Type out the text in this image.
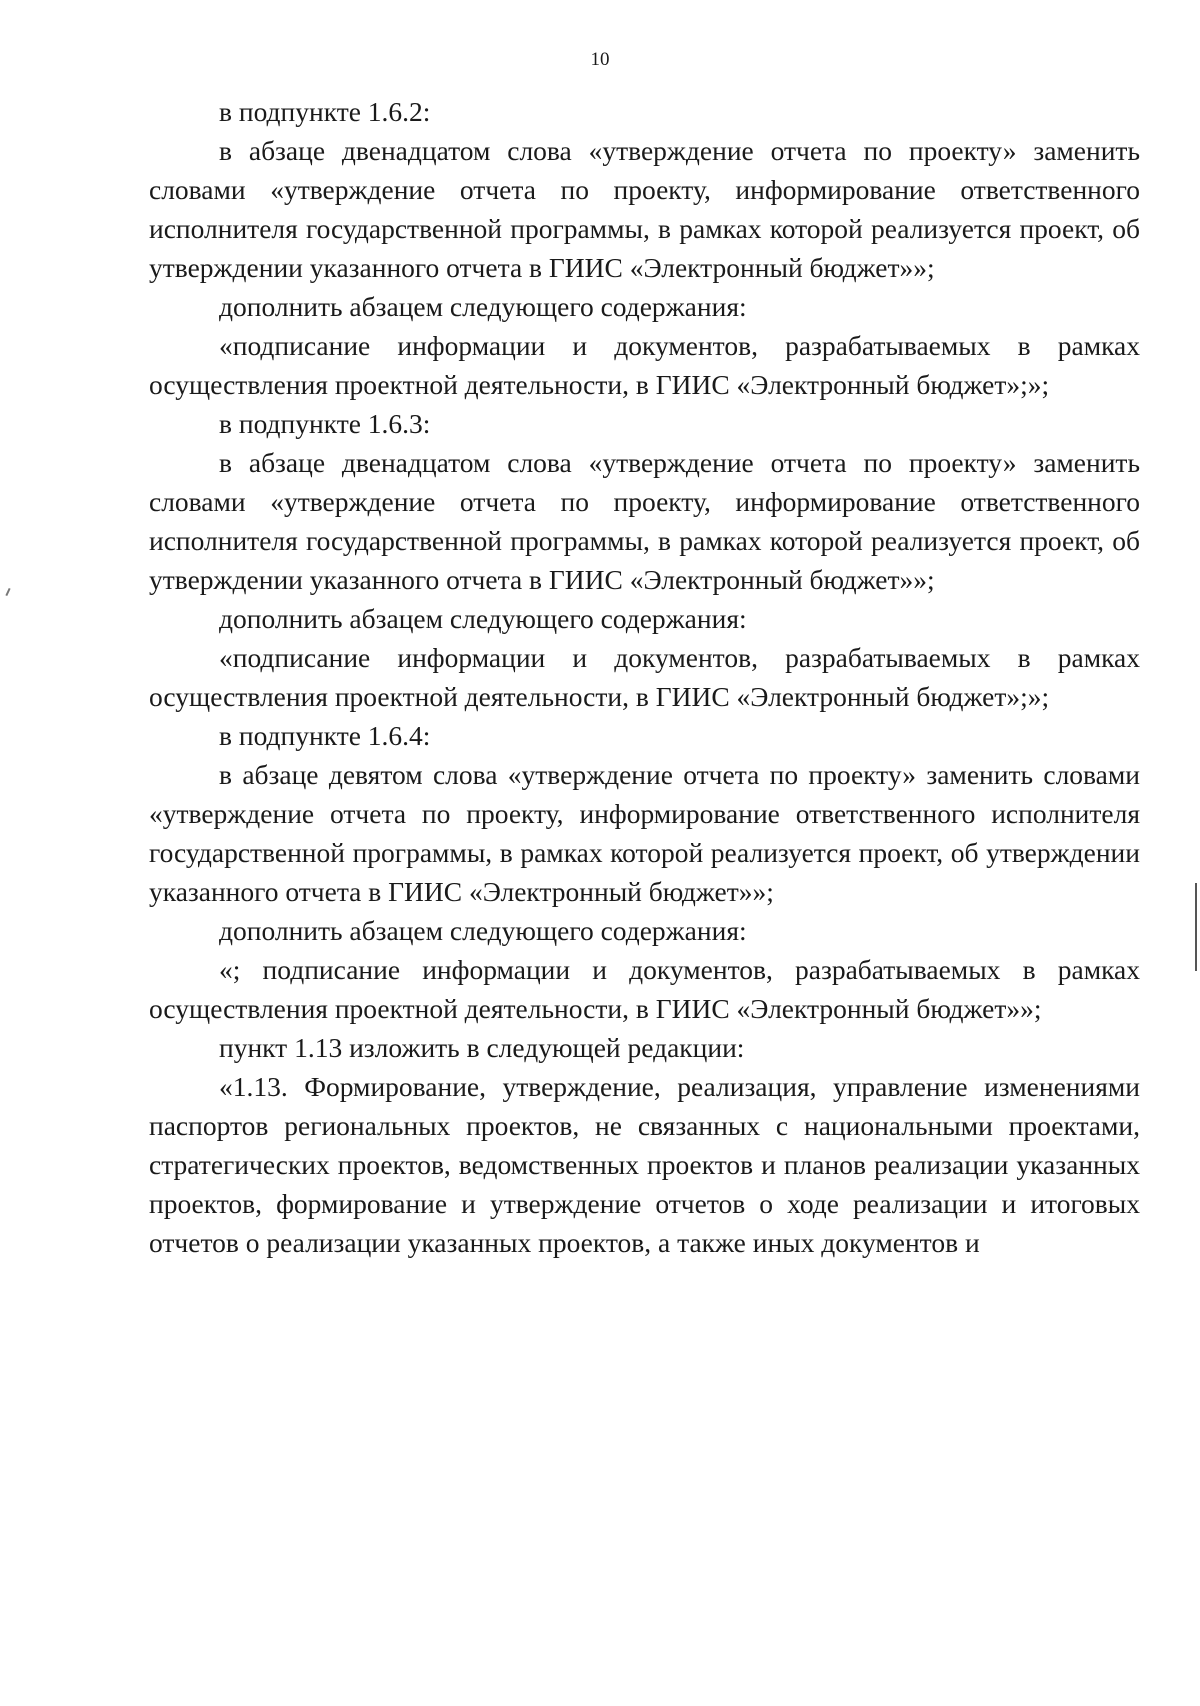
10

в подпункте 1.6.2:

в абзаце двенадцатом слова «утверждение отчета по проекту» заменить словами «утверждение отчета по проекту, информирование ответственного исполнителя государственной программы, в рамках которой реализуется проект, об утверждении указанного отчета в ГИИС «Электронный бюджет»»;

дополнить абзацем следующего содержания:

«подписание информации и документов, разрабатываемых в рамках осуществления проектной деятельности, в ГИИС «Электронный бюджет»;»;

в подпункте 1.6.3:

в абзаце двенадцатом слова «утверждение отчета по проекту» заменить словами «утверждение отчета по проекту, информирование ответственного исполнителя государственной программы, в рамках которой реализуется проект, об утверждении указанного отчета в ГИИС «Электронный бюджет»»;

дополнить абзацем следующего содержания:

«подписание информации и документов, разрабатываемых в рамках осуществления проектной деятельности, в ГИИС «Электронный бюджет»;»;

в подпункте 1.6.4:

в абзаце девятом слова «утверждение отчета по проекту» заменить словами «утверждение отчета по проекту, информирование ответственного исполнителя государственной программы, в рамках которой реализуется проект, об утверждении указанного отчета в ГИИС «Электронный бюджет»»;

дополнить абзацем следующего содержания:

«; подписание информации и документов, разрабатываемых в рамках осуществления проектной деятельности, в ГИИС «Электронный бюджет»»;

пункт 1.13 изложить в следующей редакции:

«1.13. Формирование, утверждение, реализация, управление изменениями паспортов региональных проектов, не связанных с национальными проектами, стратегических проектов, ведомственных проектов и планов реализации указанных проектов, формирование и утверждение отчетов о ходе реализации и итоговых отчетов о реализации указанных проектов, а также иных документов и
